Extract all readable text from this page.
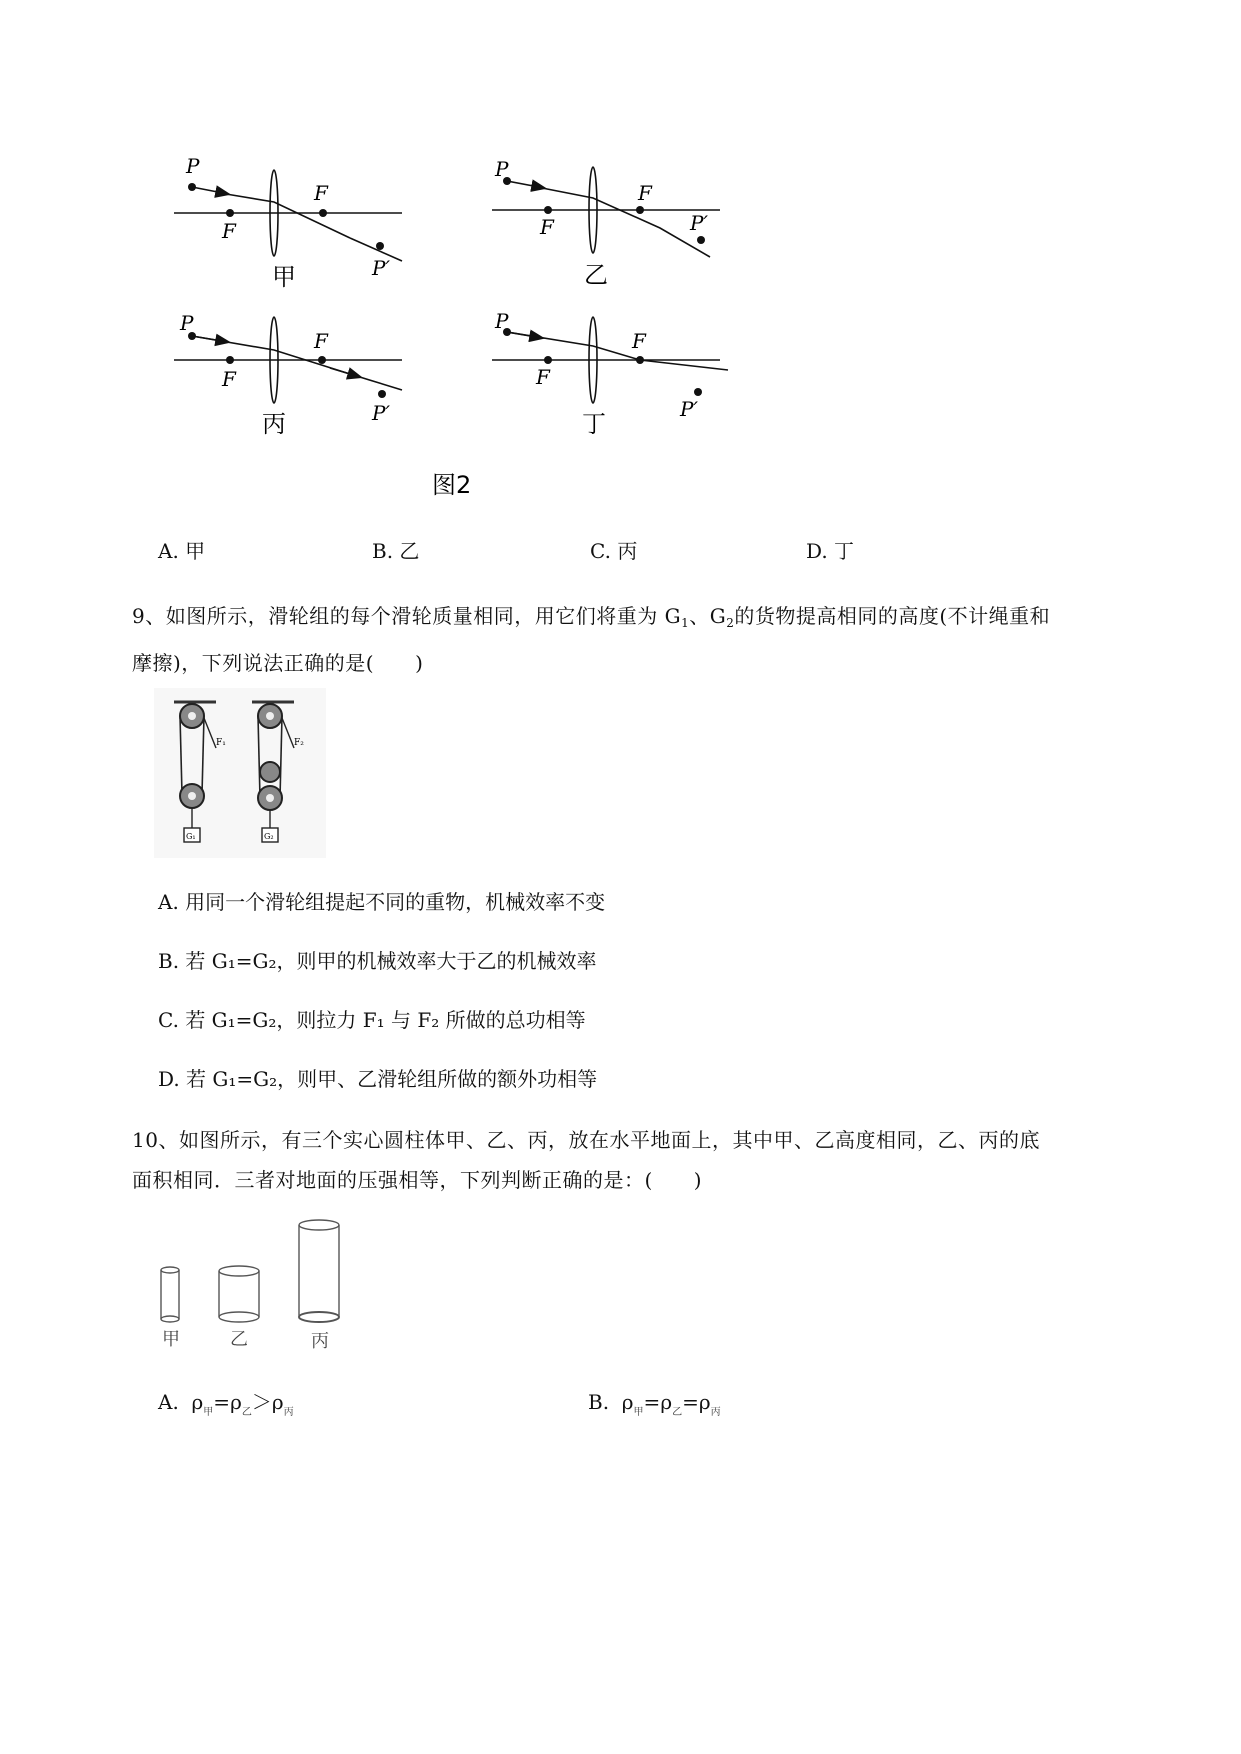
P
F
F
P′
甲
P
F
F
P′
乙
P
F
F
P′
丙
P
F
F
P′
丁
图2
A. 甲	B. 乙	C. 丙	D. 丁
9、如图所示，滑轮组的每个滑轮质量相同，用它们将重为 $G_1$、$G_2$的货物提高相同的高度(不计绳重和
摩擦)，下列说法正确的是(　　)
F₁
G₁
F₂
G₂
A. 用同一个滑轮组提起不同的重物，机械效率不变
B. 若 G₁=G₂，则甲的机械效率大于乙的机械效率
C. 若 G₁=G₂，则拉力 F₁ 与 F₂ 所做的总功相等
D. 若 G₁=G₂，则甲、乙滑轮组所做的额外功相等
10、如图所示，有三个实心圆柱体甲、乙、丙，放在水平地面上，其中甲、乙高度相同，乙、丙的底
面积相同．三者对地面的压强相等，下列判断正确的是：(　　)
甲	乙	丙
A. $\rho_甲=\rho_乙>\rho_丙$	B. $\rho_甲=\rho_乙=\rho_丙$
